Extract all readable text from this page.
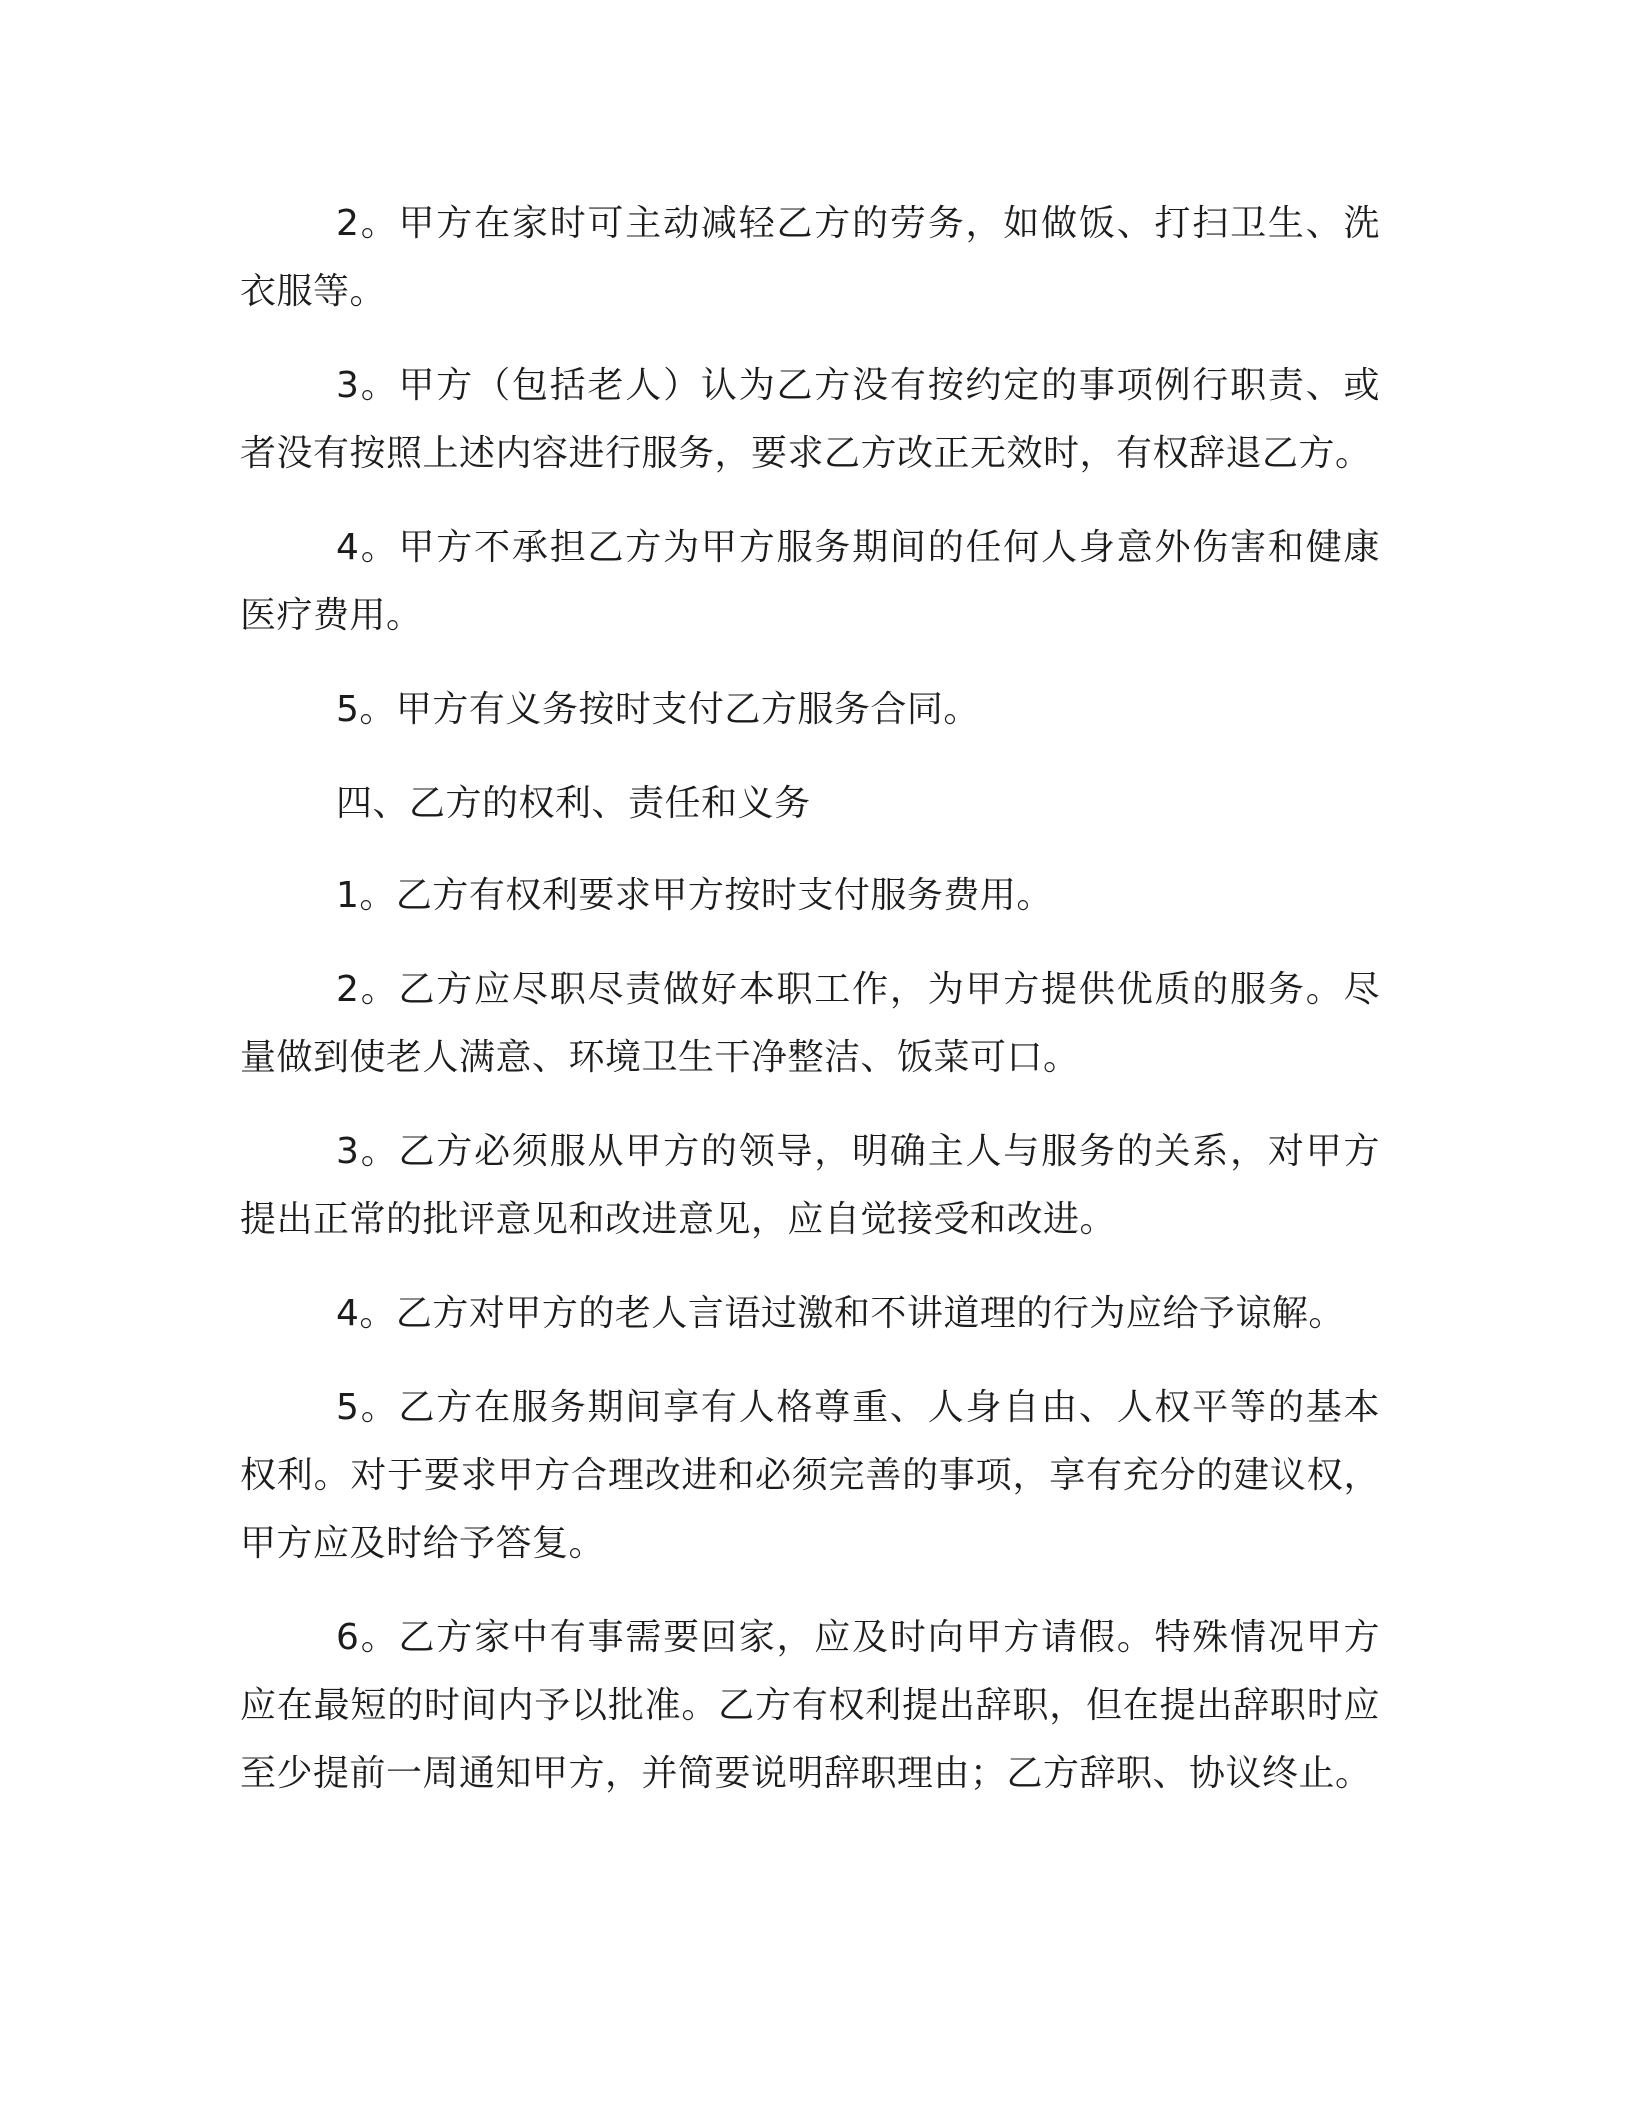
2。甲方在家时可主动减轻乙方的劳务，如做饭、打扫卫生、洗衣服等。

3。甲方（包括老人）认为乙方没有按约定的事项例行职责、或者没有按照上述内容进行服务，要求乙方改正无效时，有权辞退乙方。

4。甲方不承担乙方为甲方服务期间的任何人身意外伤害和健康医疗费用。

5。甲方有义务按时支付乙方服务合同。

四、乙方的权利、责任和义务

1。乙方有权利要求甲方按时支付服务费用。

2。乙方应尽职尽责做好本职工作，为甲方提供优质的服务。尽量做到使老人满意、环境卫生干净整洁、饭菜可口。

3。乙方必须服从甲方的领导，明确主人与服务的关系，对甲方提出正常的批评意见和改进意见，应自觉接受和改进。

4。乙方对甲方的老人言语过激和不讲道理的行为应给予谅解。

5。乙方在服务期间享有人格尊重、人身自由、人权平等的基本权利。对于要求甲方合理改进和必须完善的事项，享有充分的建议权，甲方应及时给予答复。

6。乙方家中有事需要回家，应及时向甲方请假。特殊情况甲方应在最短的时间内予以批准。乙方有权利提出辞职，但在提出辞职时应至少提前一周通知甲方，并简要说明辞职理由；乙方辞职、协议终止。
